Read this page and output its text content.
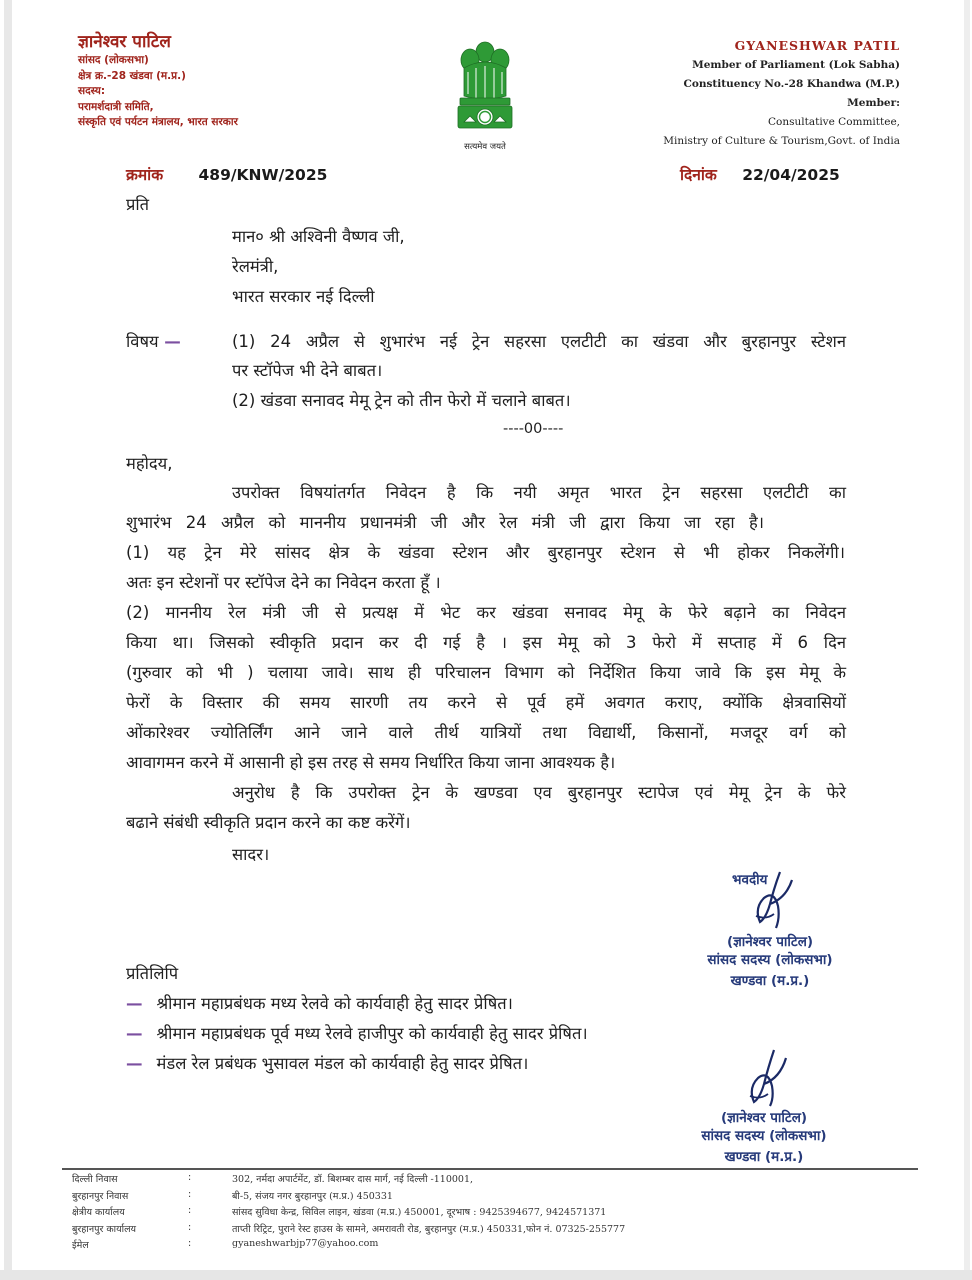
ज्ञानेश्वर पाटिल
सांसद (लोकसभा)
क्षेत्र क्र.-28 खंडवा (म.प्र.)
सदस्य:
परामर्शदात्री समिति,
संस्कृति एवं पर्यटन मंत्रालय, भारत सरकार
सत्यमेव जयते
GYANESHWAR PATIL
Member of Parliament (Lok Sabha)
Constituency No.-28 Khandwa (M.P.)
Member:
Consultative Committee,
Ministry of Culture & Tourism,Govt. of India
क्रमांक 489/KNW/2025	दिनांक 22/04/2025
प्रति
मान० श्री अश्विनी वैष्णव जी,
रेलमंत्री,
भारत सरकार नई दिल्ली
विषय —	(1) 24 अप्रैल से शुभारंभ नई ट्रेन सहरसा एलटीटी का खंडवा और बुरहानपुर स्टेशन
पर स्टॉपेज भी देने बाबत।
(2) खंडवा सनावद मेमू ट्रेन को तीन फेरो में चलाने बाबत।
----00----
महोदय,
उपरोक्त विषयांतर्गत निवेदन है कि नयी अमृत भारत ट्रेन सहरसा एलटीटी का
शुभारंभ 24 अप्रैल को माननीय प्रधानमंत्री जी और रेल मंत्री जी द्वारा किया जा रहा है।
(1) यह ट्रेन मेरे सांसद क्षेत्र के खंडवा स्टेशन और बुरहानपुर स्टेशन से भी होकर निकलेंगी।
अतः इन स्टेशनों पर स्टॉपेज देने का निवेदन करता हूँ ।
(2) माननीय रेल मंत्री जी से प्रत्यक्ष में भेट कर खंडवा सनावद मेमू के फेरे बढ़ाने का निवेदन
किया था। जिसको स्वीकृति प्रदान कर दी गई है । इस मेमू को 3 फेरो में सप्ताह में 6 दिन
(गुरुवार को भी ) चलाया जावे। साथ ही परिचालन विभाग को निर्देशित किया जावे कि इस मेमू के
फेरों के विस्तार की समय सारणी तय करने से पूर्व हमें अवगत कराए, क्योंकि क्षेत्रवासियों
ओंकारेश्वर ज्योतिर्लिंग आने जाने वाले तीर्थ यात्रियों तथा विद्यार्थी, किसानों, मजदूर वर्ग को
आवागमन करने में आसानी हो इस तरह से समय निर्धारित किया जाना आवश्यक है।
अनुरोध है कि उपरोक्त ट्रेन के खण्डवा एव बुरहानपुर स्टापेज एवं मेमू ट्रेन के फेरे
बढाने संबंधी स्वीकृति प्रदान करने का कष्ट करेंगें।
सादर।
भवदीय
(ज्ञानेश्वर पाटिल)
सांसद सदस्य (लोकसभा)
खण्डवा (म.प्र.)
प्रतिलिपि
— श्रीमान महाप्रबंधक मध्य रेलवे को कार्यवाही हेतु सादर प्रेषित।
— श्रीमान महाप्रबंधक पूर्व मध्य रेलवे हाजीपुर को कार्यवाही हेतु सादर प्रेषित।
— मंडल रेल प्रबंधक भुसावल मंडल को कार्यवाही हेतु सादर प्रेषित।
(ज्ञानेश्वर पाटिल)
सांसद सदस्य (लोकसभा)
खण्डवा (म.प्र.)
दिल्ली निवास	:	302, नर्मदा अपार्टमेंट, डॉ. बिशम्बर दास मार्ग, नई दिल्ली -110001,
बुरहानपुर निवास	:	बी-5, संजय नगर बुरहानपुर (म.प्र.) 450331
क्षेत्रीय कार्यालय	:	सांसद सुविधा केन्द्र, सिविल लाइन, खंडवा (म.प्र.) 450001, दूरभाष : 9425394677, 9424571371
बुरहानपुर कार्यालय	:	ताप्ती रिट्रिट, पुराने रेस्ट हाउस के सामने, अमरावती रोड, बुरहानपुर (म.प्र.) 450331,फोन नं. 07325-255777
ईमेल	:	gyaneshwarbjp77@yahoo.com
